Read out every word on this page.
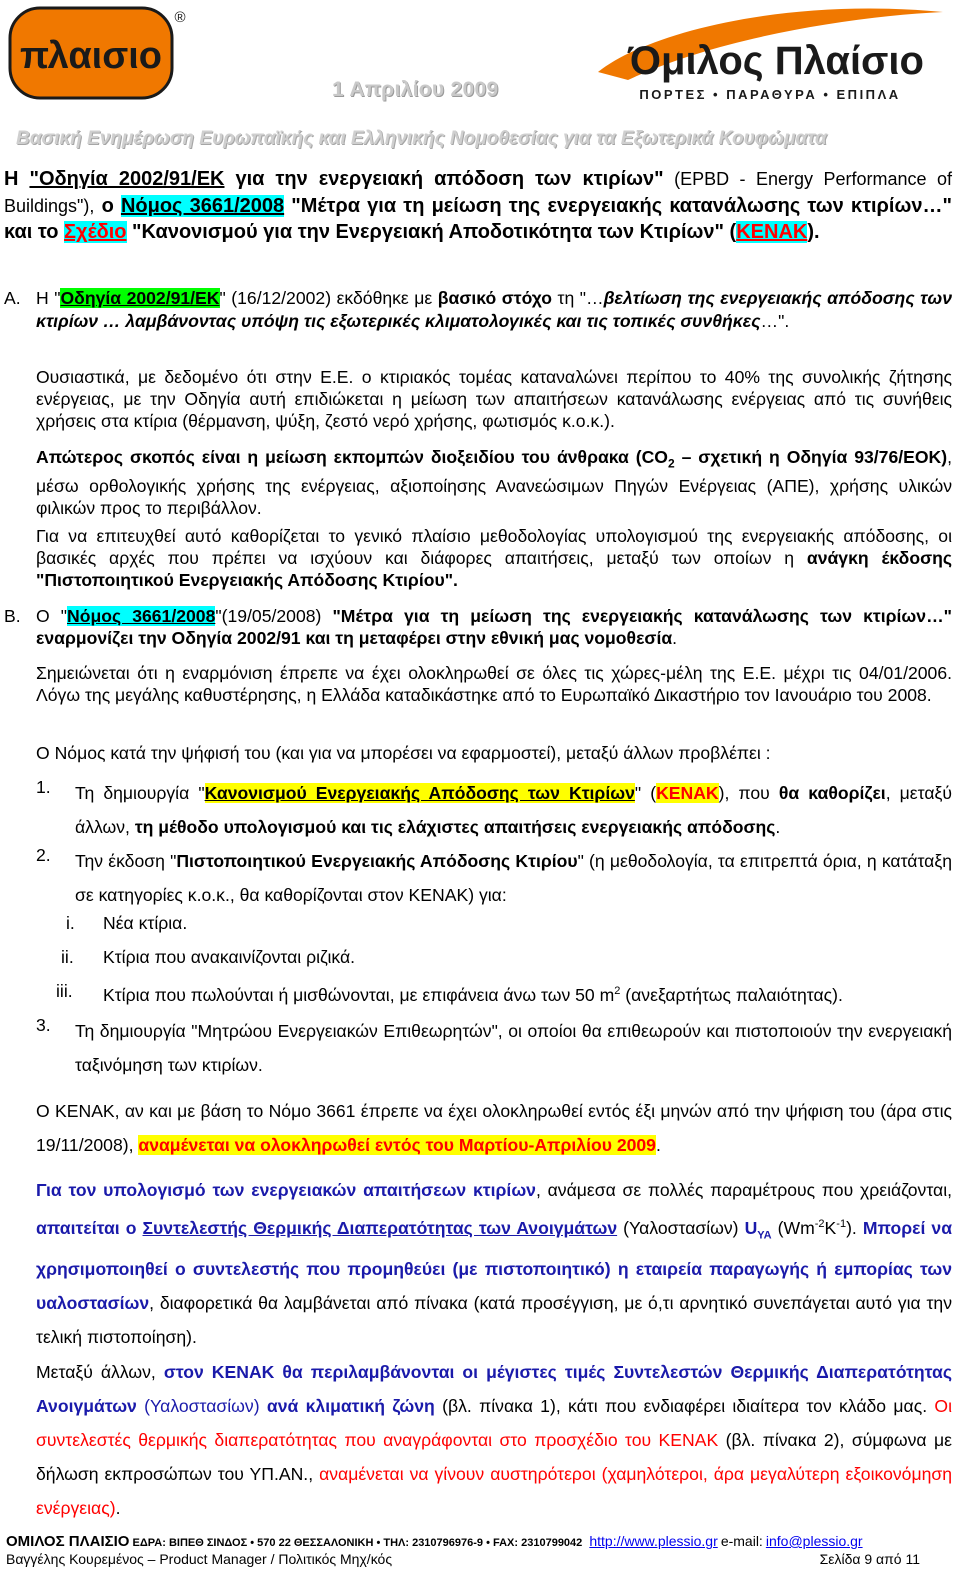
πλαισιο
®
1 Απριλίου 2009
Όμιλος Πλαίσιο
ΠΟΡΤΕΣ • ΠΑΡΑΘΥΡΑ • ΕΠΙΠΛΑ
Βασική Ενημέρωση Ευρωπαϊκής και Ελληνικής Νομοθεσίας για τα Εξωτερικά Κουφώματα
Η "Οδηγία 2002/91/ΕΚ για την ενεργειακή απόδοση των κτιρίων" (EPBD - Energy Performance of Buildings"), ο Νόμος 3661/2008 "Μέτρα για τη μείωση της ενεργειακής κατανάλωσης των κτιρίων…" και το Σχέδιο "Κανονισμού για την Ενεργειακή Αποδοτικότητα των Κτιρίων" (ΚΕΝΑΚ).
Α. Η "Οδηγία 2002/91/ΕΚ" (16/12/2002) εκδόθηκε με βασικό στόχο τη "…βελτίωση της ενεργειακής απόδοσης των κτιρίων … λαμβάνοντας υπόψη τις εξωτερικές κλιματολογικές και τις τοπικές συνθήκες…".
Ουσιαστικά, με δεδομένο ότι στην Ε.Ε. ο κτιριακός τομέας καταναλώνει περίπου το 40% της συνολικής ζήτησης ενέργειας, με την Οδηγία αυτή επιδιώκεται η μείωση των απαιτήσεων κατανάλωσης ενέργειας από τις συνήθεις χρήσεις στα κτίρια (θέρμανση, ψύξη, ζεστό νερό χρήσης, φωτισμός κ.ο.κ.).
Απώτερος σκοπός είναι η μείωση εκπομπών διοξειδίου του άνθρακα ($CO_2$ – σχετική η Οδηγία 93/76/ΕΟΚ), μέσω ορθολογικής χρήσης της ενέργειας, αξιοποίησης Ανανεώσιμων Πηγών Ενέργειας (ΑΠΕ), χρήσης υλικών φιλικών προς το περιβάλλον.
Για να επιτευχθεί αυτό καθορίζεται το γενικό πλαίσιο μεθοδολογίας υπολογισμού της ενεργειακής απόδοσης, οι βασικές αρχές που πρέπει να ισχύουν και διάφορες απαιτήσεις, μεταξύ των οποίων η ανάγκη έκδοσης "Πιστοποιητικού Ενεργειακής Απόδοσης Κτιρίου".
Β. Ο "Νόμος 3661/2008"(19/05/2008) "Μέτρα για τη μείωση της ενεργειακής κατανάλωσης των κτιρίων…" εναρμονίζει την Οδηγία 2002/91 και τη μεταφέρει στην εθνική μας νομοθεσία.
Σημειώνεται ότι η εναρμόνιση έπρεπε να έχει ολοκληρωθεί σε όλες τις χώρες-μέλη της Ε.Ε. μέχρι τις 04/01/2006. Λόγω της μεγάλης καθυστέρησης, η Ελλάδα καταδικάστηκε από το Ευρωπαϊκό Δικαστήριο τον Ιανουάριο του 2008.
Ο Νόμος κατά την ψήφισή του (και για να μπορέσει να εφαρμοστεί), μεταξύ άλλων προβλέπει :
1. Τη δημιουργία "Κανονισμού Ενεργειακής Απόδοσης των Κτιρίων" (ΚΕΝΑΚ), που θα καθορίζει, μεταξύ άλλων, τη μέθοδο υπολογισμού και τις ελάχιστες απαιτήσεις ενεργειακής απόδοσης.
2. Την έκδοση "Πιστοποιητικού Ενεργειακής Απόδοσης Κτιρίου" (η μεθοδολογία, τα επιτρεπτά όρια, η κατάταξη σε κατηγορίες κ.ο.κ., θα καθορίζονται στον ΚΕΝΑΚ) για:
i. Νέα κτίρια.
ii. Κτίρια που ανακαινίζονται ριζικά.
iii. Κτίρια που πωλούνται ή μισθώνονται, με επιφάνεια άνω των 50 $m^2$ (ανεξαρτήτως παλαιότητας).
3. Τη δημιουργία "Μητρώου Ενεργειακών Επιθεωρητών", οι οποίοι θα επιθεωρούν και πιστοποιούν την ενεργειακή ταξινόμηση των κτιρίων.
Ο ΚΕΝΑΚ, αν και με βάση το Νόμο 3661 έπρεπε να έχει ολοκληρωθεί εντός έξι μηνών από την ψήφιση του (άρα στις 19/11/2008), αναμένεται να ολοκληρωθεί εντός του Μαρτίου-Απριλίου 2009.
Για τον υπολογισμό των ενεργειακών απαιτήσεων κτιρίων, ανάμεσα σε πολλές παραμέτρους που χρειάζονται, απαιτείται ο Συντελεστής Θερμικής Διαπερατότητας των Ανοιγμάτων (Υαλοστασίων) $U_{YA}$ $(Wm^{-2}K^{-1})$. Μπορεί να χρησιμοποιηθεί ο συντελεστής που προμηθεύει (με πιστοποιητικό) η εταιρεία παραγωγής ή εμπορίας των υαλοστασίων, διαφορετικά θα λαμβάνεται από πίνακα (κατά προσέγγιση, με ό,τι αρνητικό συνεπάγεται αυτό για την τελική πιστοποίηση).
Μεταξύ άλλων, στον ΚΕΝΑΚ θα περιλαμβάνονται οι μέγιστες τιμές Συντελεστών Θερμικής Διαπερατότητας Ανοιγμάτων (Υαλοστασίων) ανά κλιματική ζώνη (βλ. πίνακα 1), κάτι που ενδιαφέρει ιδιαίτερα τον κλάδο μας. Οι συντελεστές θερμικής διαπερατότητας που αναγράφονται στο προσχέδιο του ΚΕΝΑΚ (βλ. πίνακα 2), σύμφωνα με δήλωση εκπροσώπων του ΥΠ.ΑΝ., αναμένεται να γίνουν αυστηρότεροι (χαμηλότεροι, άρα μεγαλύτερη εξοικονόμηση ενέργειας).
ΟΜΙΛΟΣ ΠΛΑΙΣΙΟ ΕΔΡΑ: ΒΙΠΕΘ ΣΙΝΔΟΣ • 570 22 ΘΕΣΣΑΛΟΝΙΚΗ • ΤΗΛ: 2310796976-9 • FAX: 2310799042 http://www.plessio.gr e-mail: info@plessio.gr
Βαγγέλης Κουρεμένος – Product Manager / Πολιτικός Μηχ/κός	Σελίδα 9 από 11
